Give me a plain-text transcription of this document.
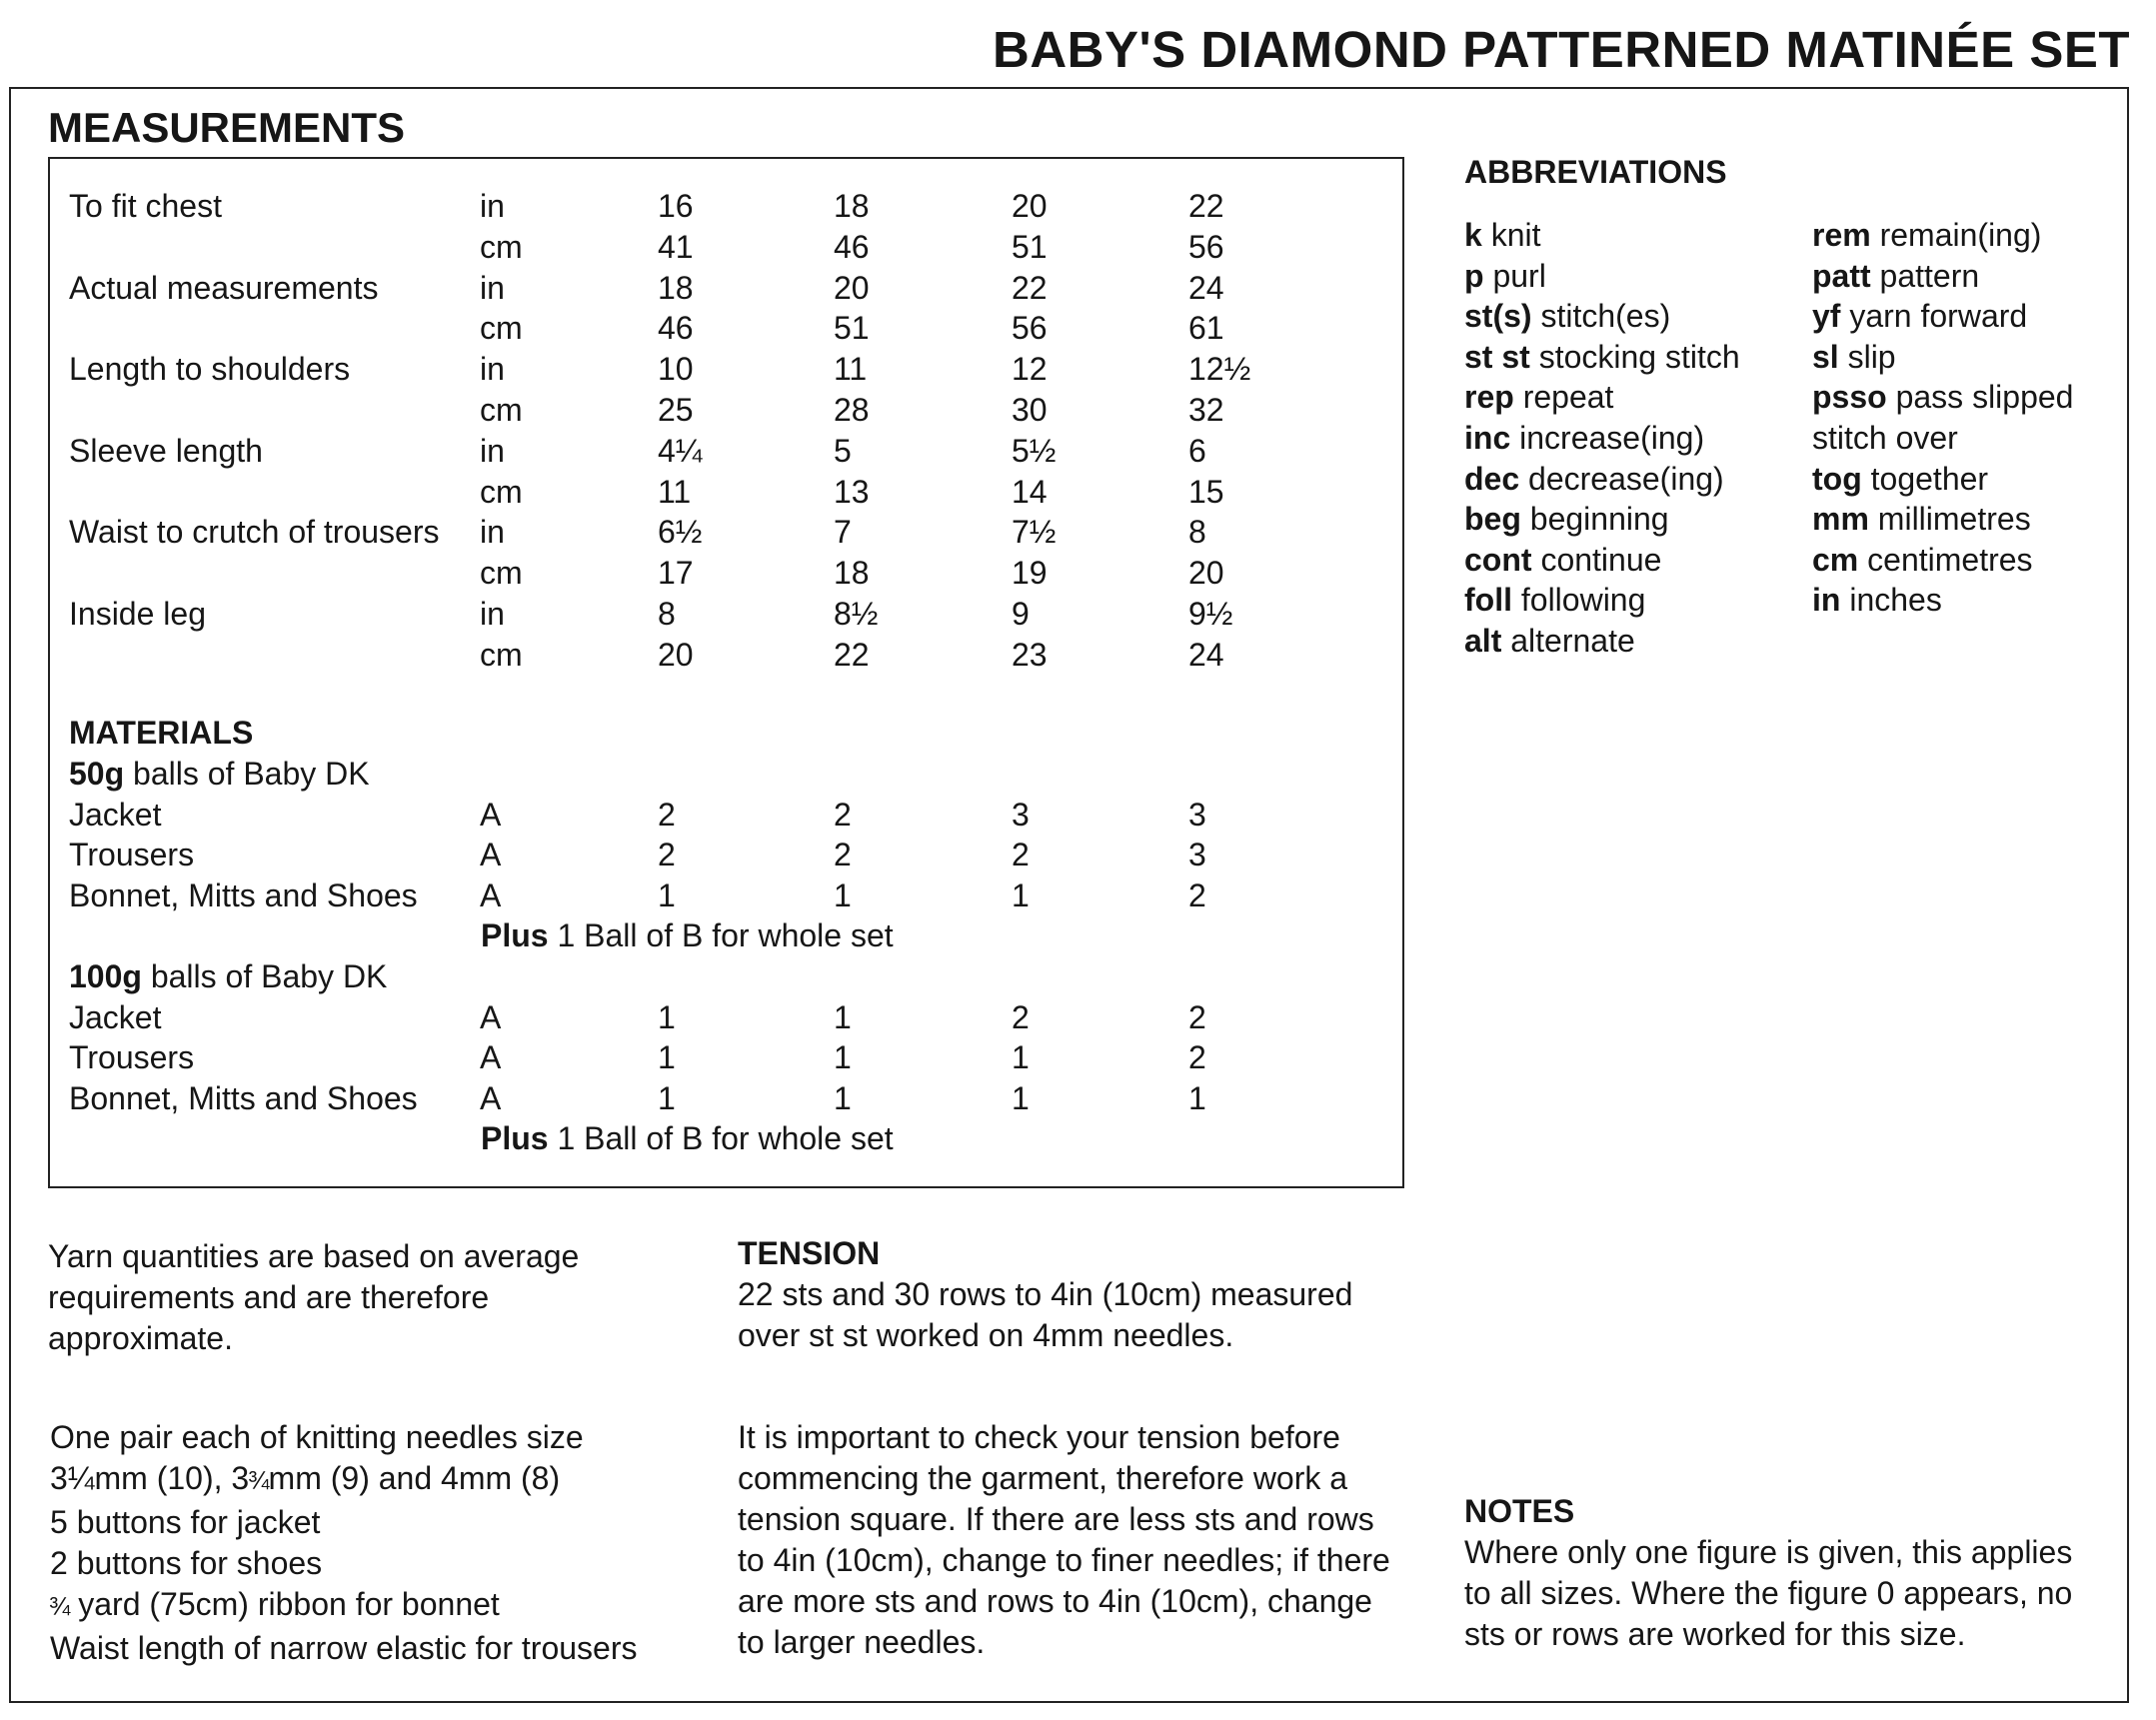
BABY'S DIAMOND PATTERNED MATINÉE SET
MEASUREMENTS
To fit chest	in	16	18	20	22
cm	41	46	51	56
Actual measurements	in	18	20	22	24
cm	46	51	56	61
Length to shoulders	in	10	11	12	12½
cm	25	28	30	32
Sleeve length	in	4¼	5	5½	6
cm	11	13	14	15
Waist to crutch of trousers in	6½	7	7½	8
cm	17	18	19	20
Inside leg	in	8	8½	9	9½
cm	20	22	23	24
MATERIALS
50g balls of Baby DK
Jacket	A	2	2	3	3
Trousers	A	2	2	2	3
Bonnet, Mitts and Shoes A	1	1	1	2
Plus 1 Ball of B for whole set
100g balls of Baby DK
Jacket	A	1	1	2	2
Trousers	A	1	1	1	2
Bonnet, Mitts and Shoes A	1	1	1	1
Plus 1 Ball of B for whole set
Yarn quantities are based on average
requirements and are therefore
approximate.
One pair each of knitting needles size
3¼mm (10), 3¾mm (9) and 4mm (8)
5 buttons for jacket
2 buttons for shoes
¾ yard (75cm) ribbon for bonnet
Waist length of narrow elastic for trousers
TENSION
22 sts and 30 rows to 4in (10cm) measured
over st st worked on 4mm needles.
It is important to check your tension before
commencing the garment, therefore work a
tension square. If there are less sts and rows
to 4in (10cm), change to finer needles; if there
are more sts and rows to 4in (10cm), change
to larger needles.
ABBREVIATIONS
k knit
p purl
st(s) stitch(es)
st st stocking stitch
rep repeat
inc increase(ing)
dec decrease(ing)
beg beginning
cont continue
foll following
alt alternate
rem remain(ing)
patt pattern
yf yarn forward
sl slip
psso pass slipped
stitch over
tog together
mm millimetres
cm centimetres
in inches
NOTES
Where only one figure is given, this applies
to all sizes. Where the figure 0 appears, no
sts or rows are worked for this size.
